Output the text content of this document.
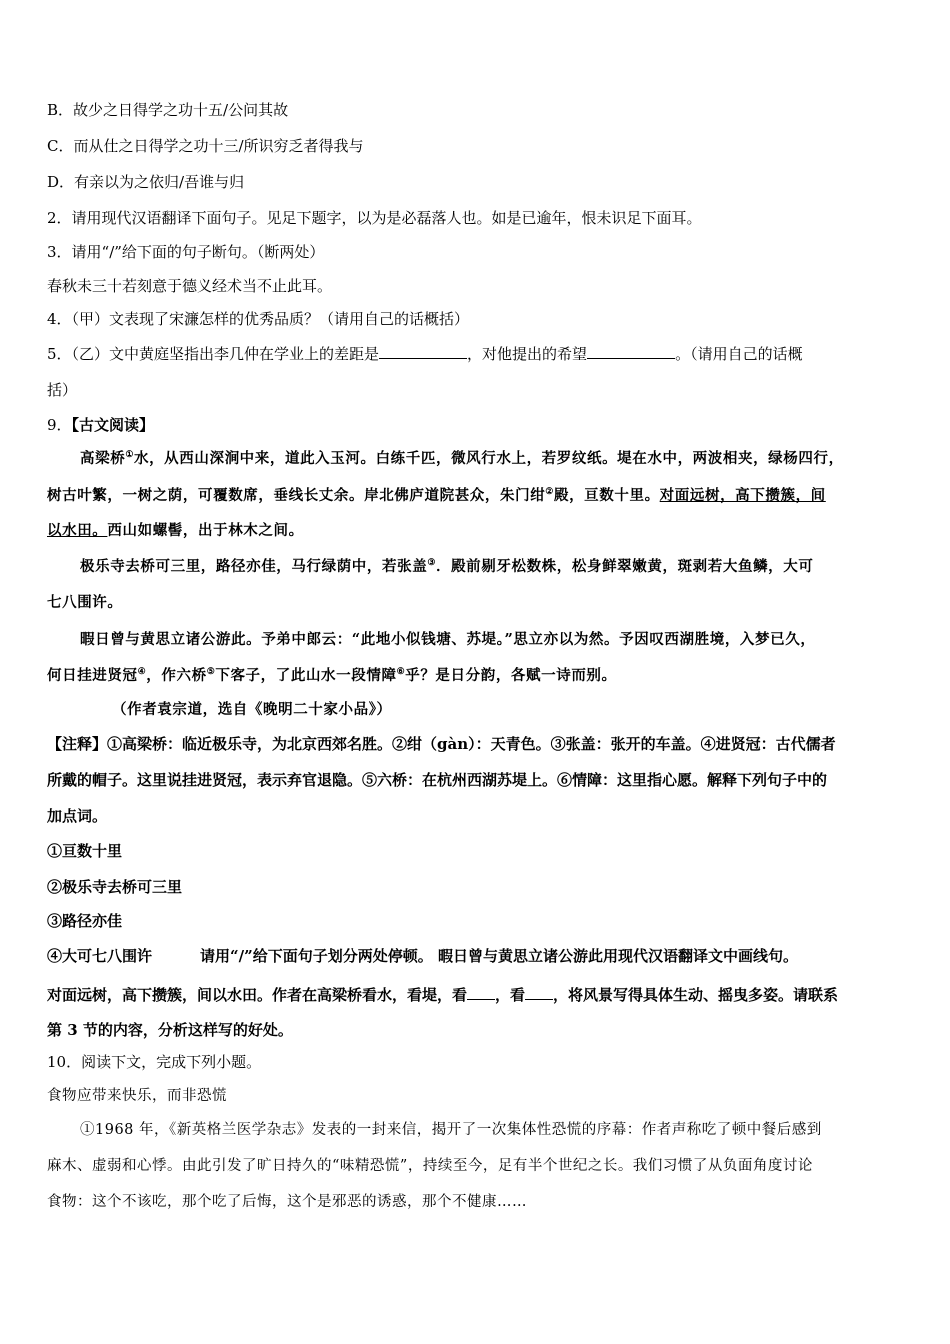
B．故少之日得学之功十五/公问其故
C．而从仕之日得学之功十三/所识穷乏者得我与
D．有亲以为之依归/吾谁与归
2．请用现代汉语翻译下面句子。见足下题字，以为是必磊落人也。如是已逾年，恨未识足下面耳。
3．请用“/”给下面的句子断句。（断两处）
春秋未三十若刻意于德义经术当不止此耳。
4．（甲）文表现了宋濂怎样的优秀品质？（请用自己的话概括）
5．（乙）文中黄庭坚指出李几仲在学业上的差距是	，对他提出的希望	。（请用自己的话概
括）
9．【古文阅读】
高梁桥①水，从西山深涧中来，道此入玉河。白练千匹，微风行水上，若罗纹纸。堤在水中，两波相夹，绿杨四行，
树古叶繁，一树之荫，可覆数席，垂线长丈余。岸北佛庐道院甚众，朱门绀②殿，亘数十里。对面远树，高下攒簇，间
以水田。西山如螺髻，出于林木之间。
极乐寺去桥可三里，路径亦佳，马行绿荫中，若张盖③．殿前剔牙松数株，松身鲜翠嫩黄，斑剥若大鱼鳞，大可
七八围许。
暇日曾与黄思立诸公游此。予弟中郎云：“此地小似钱塘、苏堤。”思立亦以为然。予因叹西湖胜境，入梦已久，
何日挂进贤冠④，作六桥⑤下客子，了此山水一段情障⑥乎？是日分韵，各赋一诗而别。
（作者袁宗道，选自《晚明二十家小品》）
【注释】①高梁桥：临近极乐寺，为北京西郊名胜。②绀（gàn）：天青色。③张盖：张开的车盖。④进贤冠：古代儒者
所戴的帽子。这里说挂进贤冠，表示弃官退隐。⑤六桥：在杭州西湖苏堤上。⑥情障：这里指心愿。解释下列句子中的
加点词。
①亘数十里
②极乐寺去桥可三里
③路径亦佳
④大可七八围许	请用“/”给下面句子划分两处停顿。 暇日曾与黄思立诸公游此用现代汉语翻译文中画线句。
对面远树，高下攒簇，间以水田。作者在高梁桥看水，看堤，看 ，看 ，将风景写得具体生动、摇曳多姿。请联系
第 3 节的内容，分析这样写的好处。
10．阅读下文，完成下列小题。
食物应带来快乐，而非恐慌
①1968 年，《新英格兰医学杂志》发表的一封来信，揭开了一次集体性恐慌的序幕：作者声称吃了顿中餐后感到
麻木、虚弱和心悸。由此引发了旷日持久的“味精恐慌”，持续至今，足有半个世纪之长。我们习惯了从负面角度讨论
食物：这个不该吃，那个吃了后悔，这个是邪恶的诱惑，那个不健康……
